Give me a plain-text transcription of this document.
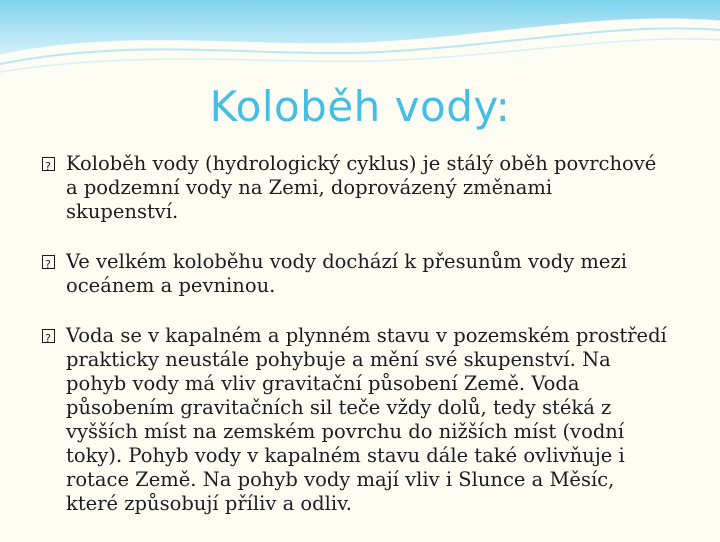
Koloběh vody:
?
Koloběh vody (hydrologický cyklus) je stálý oběh povrchové a podzemní vody na Zemi, doprovázený změnami skupenství.
?
Ve velkém koloběhu vody dochází k přesunům vody mezi oceánem a pevninou.
?
Voda se v kapalném a plynném stavu v pozemském prostředí prakticky neustále pohybuje a mění své skupenství. Na pohyb vody má vliv gravitační působení Země. Voda působením gravitačních sil teče vždy dolů, tedy stéká z vyšších míst na zemském povrchu do nižších míst (vodní toky). Pohyb vody v kapalném stavu dále také ovlivňuje i rotace Země. Na pohyb vody mají vliv i Slunce a Měsíc, které způsobují příliv a odliv.
